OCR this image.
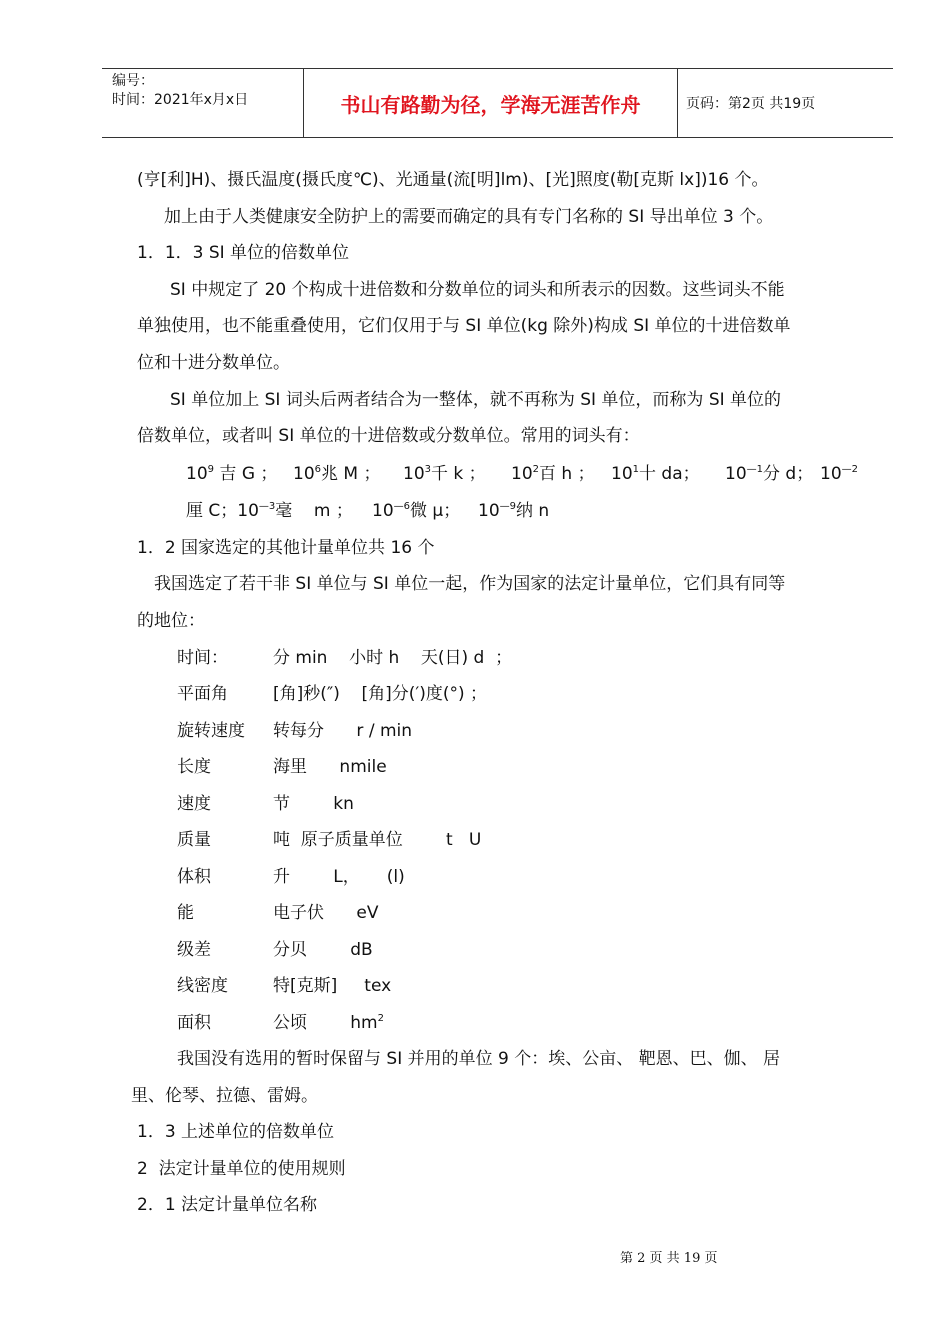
编号：
时间：2021年x月x日	书山有路勤为径，学海无涯苦作舟	页码：第2页 共19页
(亨[利]H)、摄氏温度(摄氏度℃)、光通量(流[明]lm)、[光]照度(勒[克斯 lx])16 个。
加上由于人类健康安全防护上的需要而确定的具有专门名称的 SI 导出单位 3 个。
1．1．3 SI 单位的倍数单位
SI 中规定了 20 个构成十进倍数和分数单位的词头和所表示的因数。这些词头不能
单独使用，也不能重叠使用，它们仅用于与 SI 单位(kg 除外)构成 SI 单位的十进倍数单
位和十进分数单位。
SI 单位加上 SI 词头后两者结合为一整体，就不再称为 SI 单位，而称为 SI 单位的
倍数单位，或者叫 SI 单位的十进倍数或分数单位。常用的词头有：
$10^9$ 吉 G ； $10^6$兆 M ； $10^3$千 k ； $10^2$百 h ； $10^1$十 da； $10^{—1}$分 d； $10^{—2}$
厘 C；$10^{—3}$毫    m ； $10^{—6}$微 μ； $10^{—9}$纳 n
1．2 国家选定的其他计量单位共 16 个
我国选定了若干非 SI 单位与 SI 单位一起，作为国家的法定计量单位，它们具有同等
的地位：
时间：	分 min    小时 h    天(日) d  ；
平面角	[角]秒(″)    [角]分(′)度(°) ；
旋转速度 转每分      r / min
长度	海里      nmile
速度	节        kn
质量	吨  原子质量单位        t   U
体积	升        L，     (l)
能	电子伏      eV
级差	分贝        dB
线密度	特[克斯]     tex
面积	公顷        $hm^2$
我国没有选用的暂时保留与 SI 并用的单位 9 个：埃、公亩、 靶恩、巴、伽、 居
里、伦琴、拉德、雷姆。
1．3 上述单位的倍数单位
2  法定计量单位的使用规则
2．1 法定计量单位名称
第 2 页 共 19 页
